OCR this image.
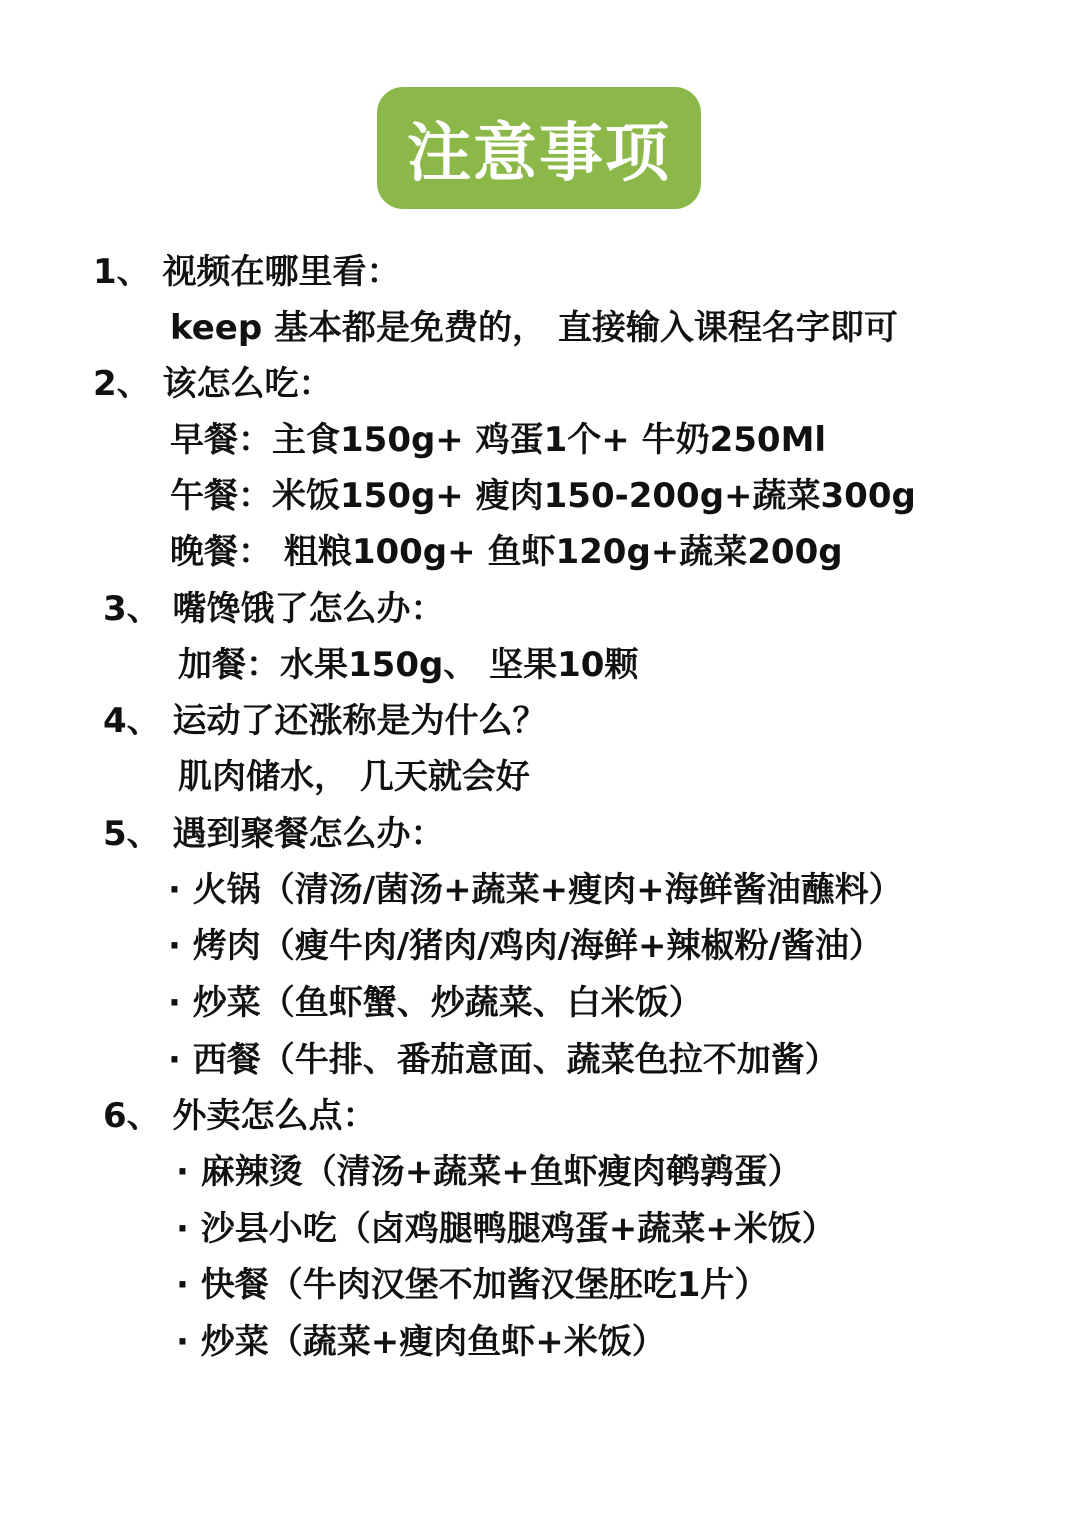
注意事项
1、 视频在哪里看：
keep 基本都是免费的， 直接输入课程名字即可
2、 该怎么吃：
早餐：主食150g+ 鸡蛋1个+ 牛奶250Ml
午餐：米饭150g+ 瘦肉150-200g+蔬菜300g
晚餐： 粗粮100g+ 鱼虾120g+蔬菜200g
3、 嘴馋饿了怎么办：
加餐：水果150g、 坚果10颗
4、 运动了还涨称是为什么？
肌肉储水， 几天就会好
5、 遇到聚餐怎么办：
· 火锅（清汤/菌汤+蔬菜+瘦肉+海鲜酱油蘸料）
· 烤肉（瘦牛肉/猪肉/鸡肉/海鲜+辣椒粉/酱油）
· 炒菜（鱼虾蟹、炒蔬菜、白米饭）
· 西餐（牛排、番茄意面、蔬菜色拉不加酱）
6、 外卖怎么点：
· 麻辣烫（清汤+蔬菜+鱼虾瘦肉鹌鹑蛋）
· 沙县小吃（卤鸡腿鸭腿鸡蛋+蔬菜+米饭）
· 快餐（牛肉汉堡不加酱汉堡胚吃1片）
· 炒菜（蔬菜+瘦肉鱼虾+米饭）
